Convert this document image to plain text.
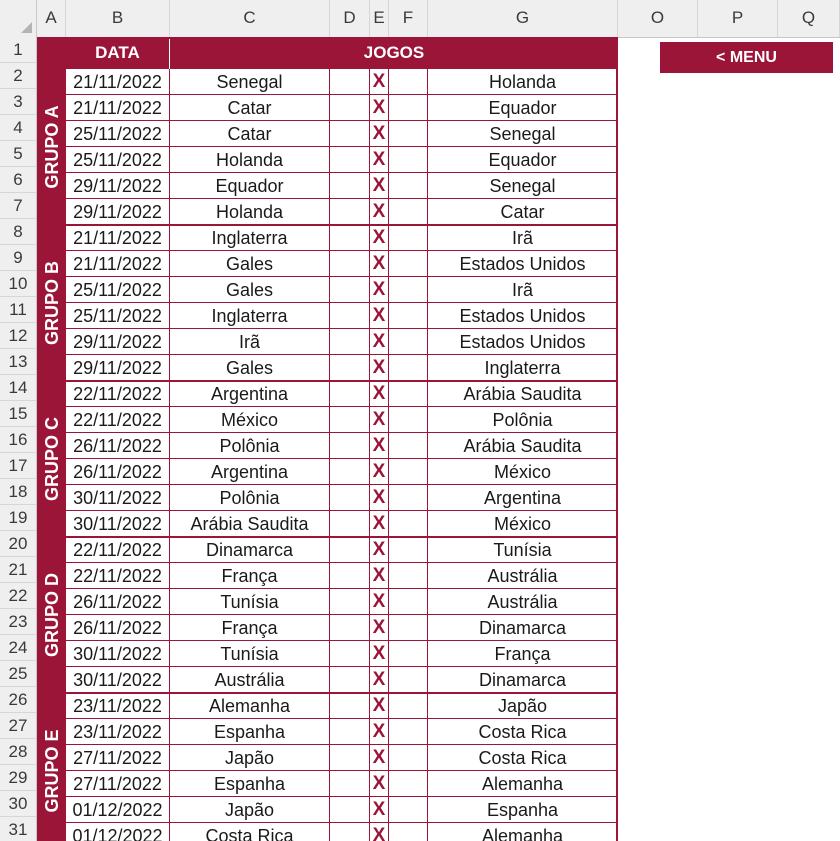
A	B	C	D	E	F	G	O	P	Q
1
2
3
4
5
6
7
8
9
10
11
12
13
14
15
16
17
18
19
20
21
22
23
24
25
26
27
28
29
30
31
DATA	JOGOS
21/11/2022	Senegal	X	Holanda
21/11/2022	Catar	X	Equador
25/11/2022	Catar	X	Senegal
25/11/2022	Holanda	X	Equador
29/11/2022	Equador	X	Senegal
29/11/2022	Holanda	X	Catar
GRUPO A
21/11/2022	Inglaterra	X	Irã
21/11/2022	Gales	X	Estados Unidos
25/11/2022	Gales	X	Irã
25/11/2022	Inglaterra	X	Estados Unidos
29/11/2022	Irã	X	Estados Unidos
29/11/2022	Gales	X	Inglaterra
GRUPO B
22/11/2022	Argentina	X	Arábia Saudita
22/11/2022	México	X	Polônia
26/11/2022	Polônia	X	Arábia Saudita
26/11/2022	Argentina	X	México
30/11/2022	Polônia	X	Argentina
30/11/2022	Arábia Saudita	X	México
GRUPO C
22/11/2022	Dinamarca	X	Tunísia
22/11/2022	França	X	Austrália
26/11/2022	Tunísia	X	Austrália
26/11/2022	França	X	Dinamarca
30/11/2022	Tunísia	X	França
30/11/2022	Austrália	X	Dinamarca
GRUPO D
23/11/2022	Alemanha	X	Japão
23/11/2022	Espanha	X	Costa Rica
27/11/2022	Japão	X	Costa Rica
27/11/2022	Espanha	X	Alemanha
01/12/2022	Japão	X	Espanha
01/12/2022	Costa Rica	X	Alemanha
GRUPO E
< MENU
